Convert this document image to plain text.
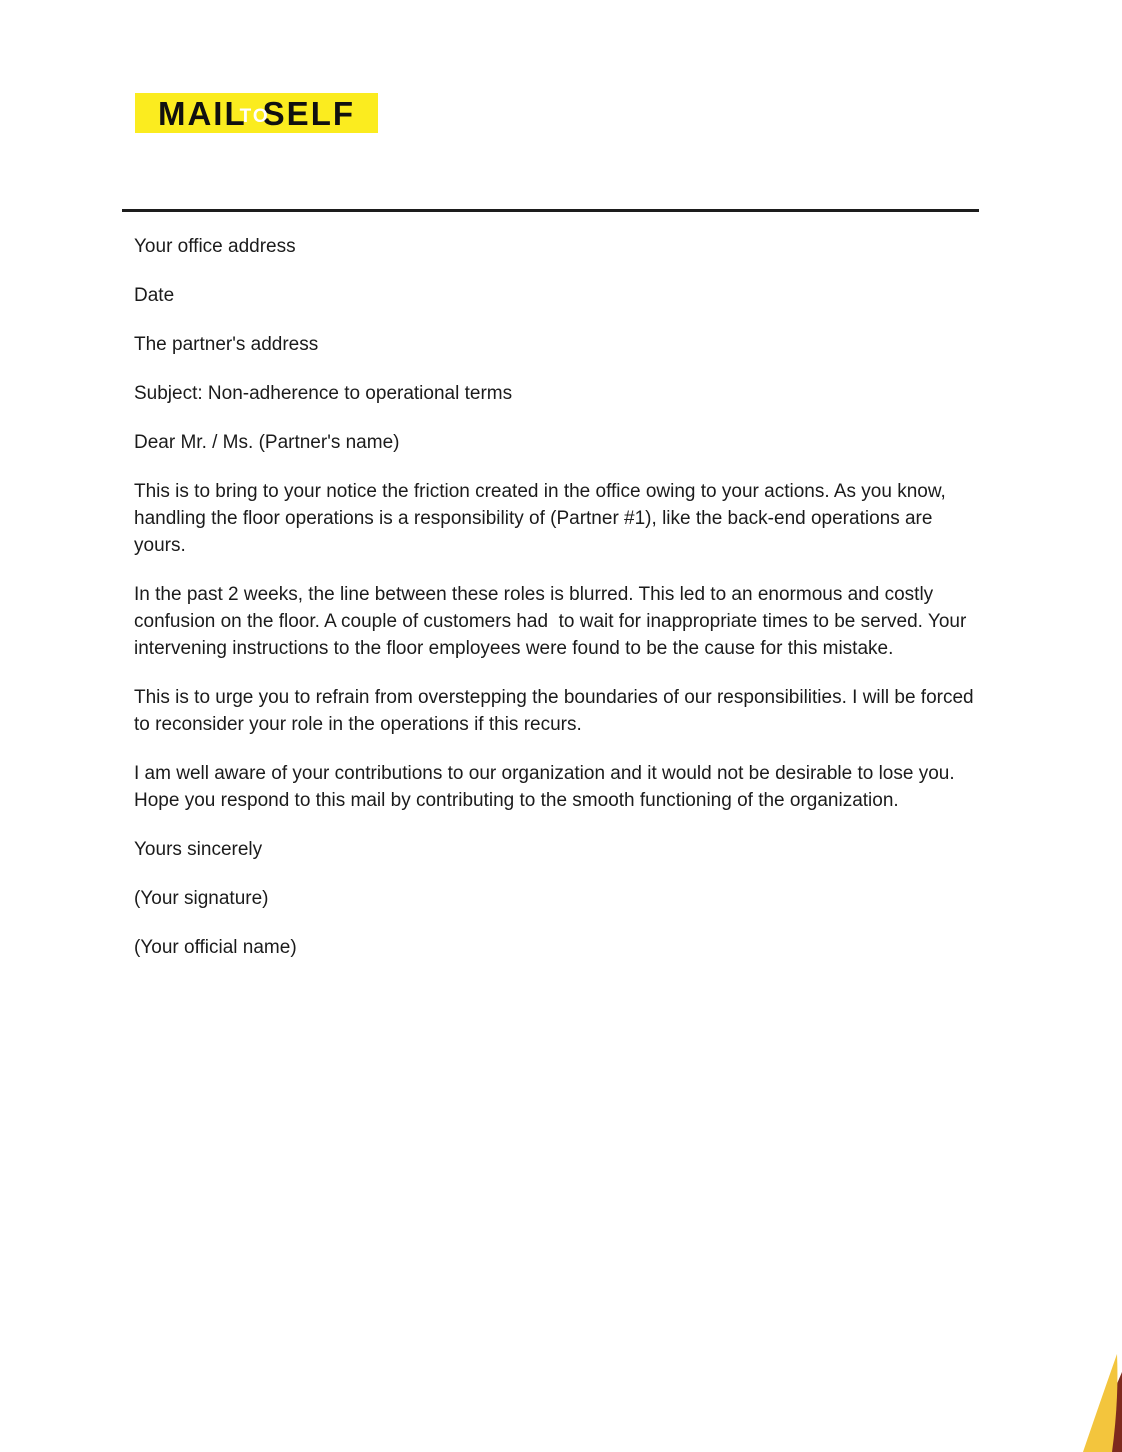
MAIL
TO
SELF

Your office address

Date

The partner's address

Subject: Non-adherence to operational terms

Dear Mr. / Ms. (Partner's name)

This is to bring to your notice the friction created in the office owing to your actions. As you know, handling the floor operations is a responsibility of (Partner #1), like the back-end operations are yours.

In the past 2 weeks, the line between these roles is blurred. This led to an enormous and costly confusion on the floor. A couple of customers had  to wait for inappropriate times to be served. Your intervening instructions to the floor employees were found to be the cause for this mistake.

This is to urge you to refrain from overstepping the boundaries of our responsibilities. I will be forced to reconsider your role in the operations if this recurs.

I am well aware of your contributions to our organization and it would not be desirable to lose you. Hope you respond to this mail by contributing to the smooth functioning of the organization.

Yours sincerely

(Your signature)

(Your official name)
